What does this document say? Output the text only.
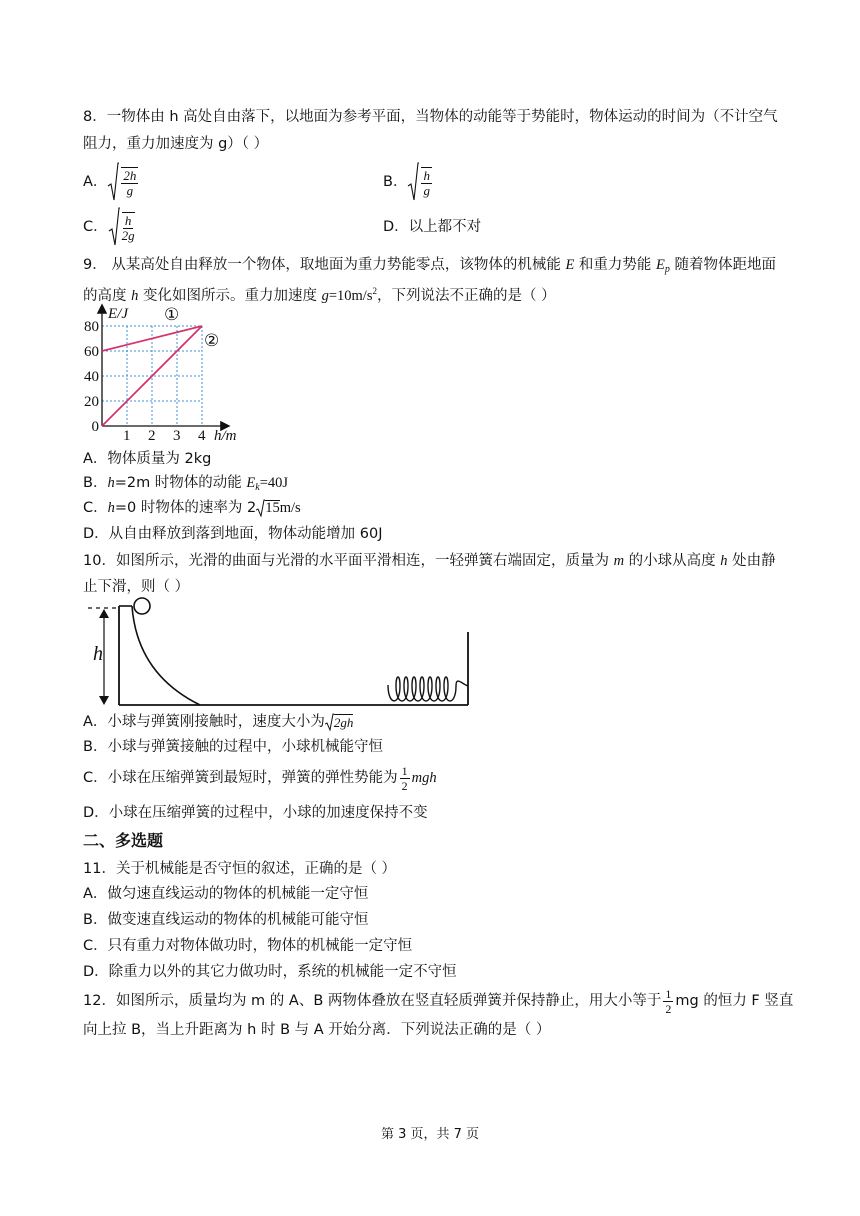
8．一物体由 h 高处自由落下，以地面为参考平面，当物体的动能等于势能时，物体运动的时间为（不计空气
阻力，重力加速度为 g）（ ）
A． $\frac{2h}{g}$	B． $\frac{h}{g}$
C． $\frac{h}{2g}$	D．以上都不对
9． 从某高处自由释放一个物体，取地面为重力势能零点，该物体的机械能 E 和重力势能 $E_p$ 随着物体距地面
的高度 h 变化如图所示。重力加速度 $g=10m/s^2$，下列说法不正确的是（ ）
1 2 3 4
0
20
40
60
80
E/J
h/m
①
②
A．物体质量为 2kg
B．h=2m 时物体的动能 $E_k=40J$
C．h=0 时物体的速率为 2 15 m/s
D．从自由释放到落到地面，物体动能增加 60J
10．如图所示，光滑的曲面与光滑的水平面平滑相连，一轻弹簧右端固定，质量为 m 的小球从高度 h 处由静
止下滑，则（ ）
h
A．小球与弹簧刚接触时，速度大小为 2gh
B．小球与弹簧接触的过程中，小球机械能守恒
C．小球在压缩弹簧到最短时，弹簧的弹性势能为 $\frac{1}{2}$ mgh
D．小球在压缩弹簧的过程中，小球的加速度保持不变
二、多选题
11．关于机械能是否守恒的叙述，正确的是（ ）
A．做匀速直线运动的物体的机械能一定守恒
B．做变速直线运动的物体的机械能可能守恒
C．只有重力对物体做功时，物体的机械能一定守恒
D．除重力以外的其它力做功时，系统的机械能一定不守恒
12．如图所示，质量均为 m 的 A、B 两物体叠放在竖直轻质弹簧并保持静止，用大小等于 $\frac{1}{2}$ mg 的恒力 F 竖直
向上拉 B，当上升距离为 h 时 B 与 A 开始分离．下列说法正确的是（ ）
第 3 页，共 7 页
